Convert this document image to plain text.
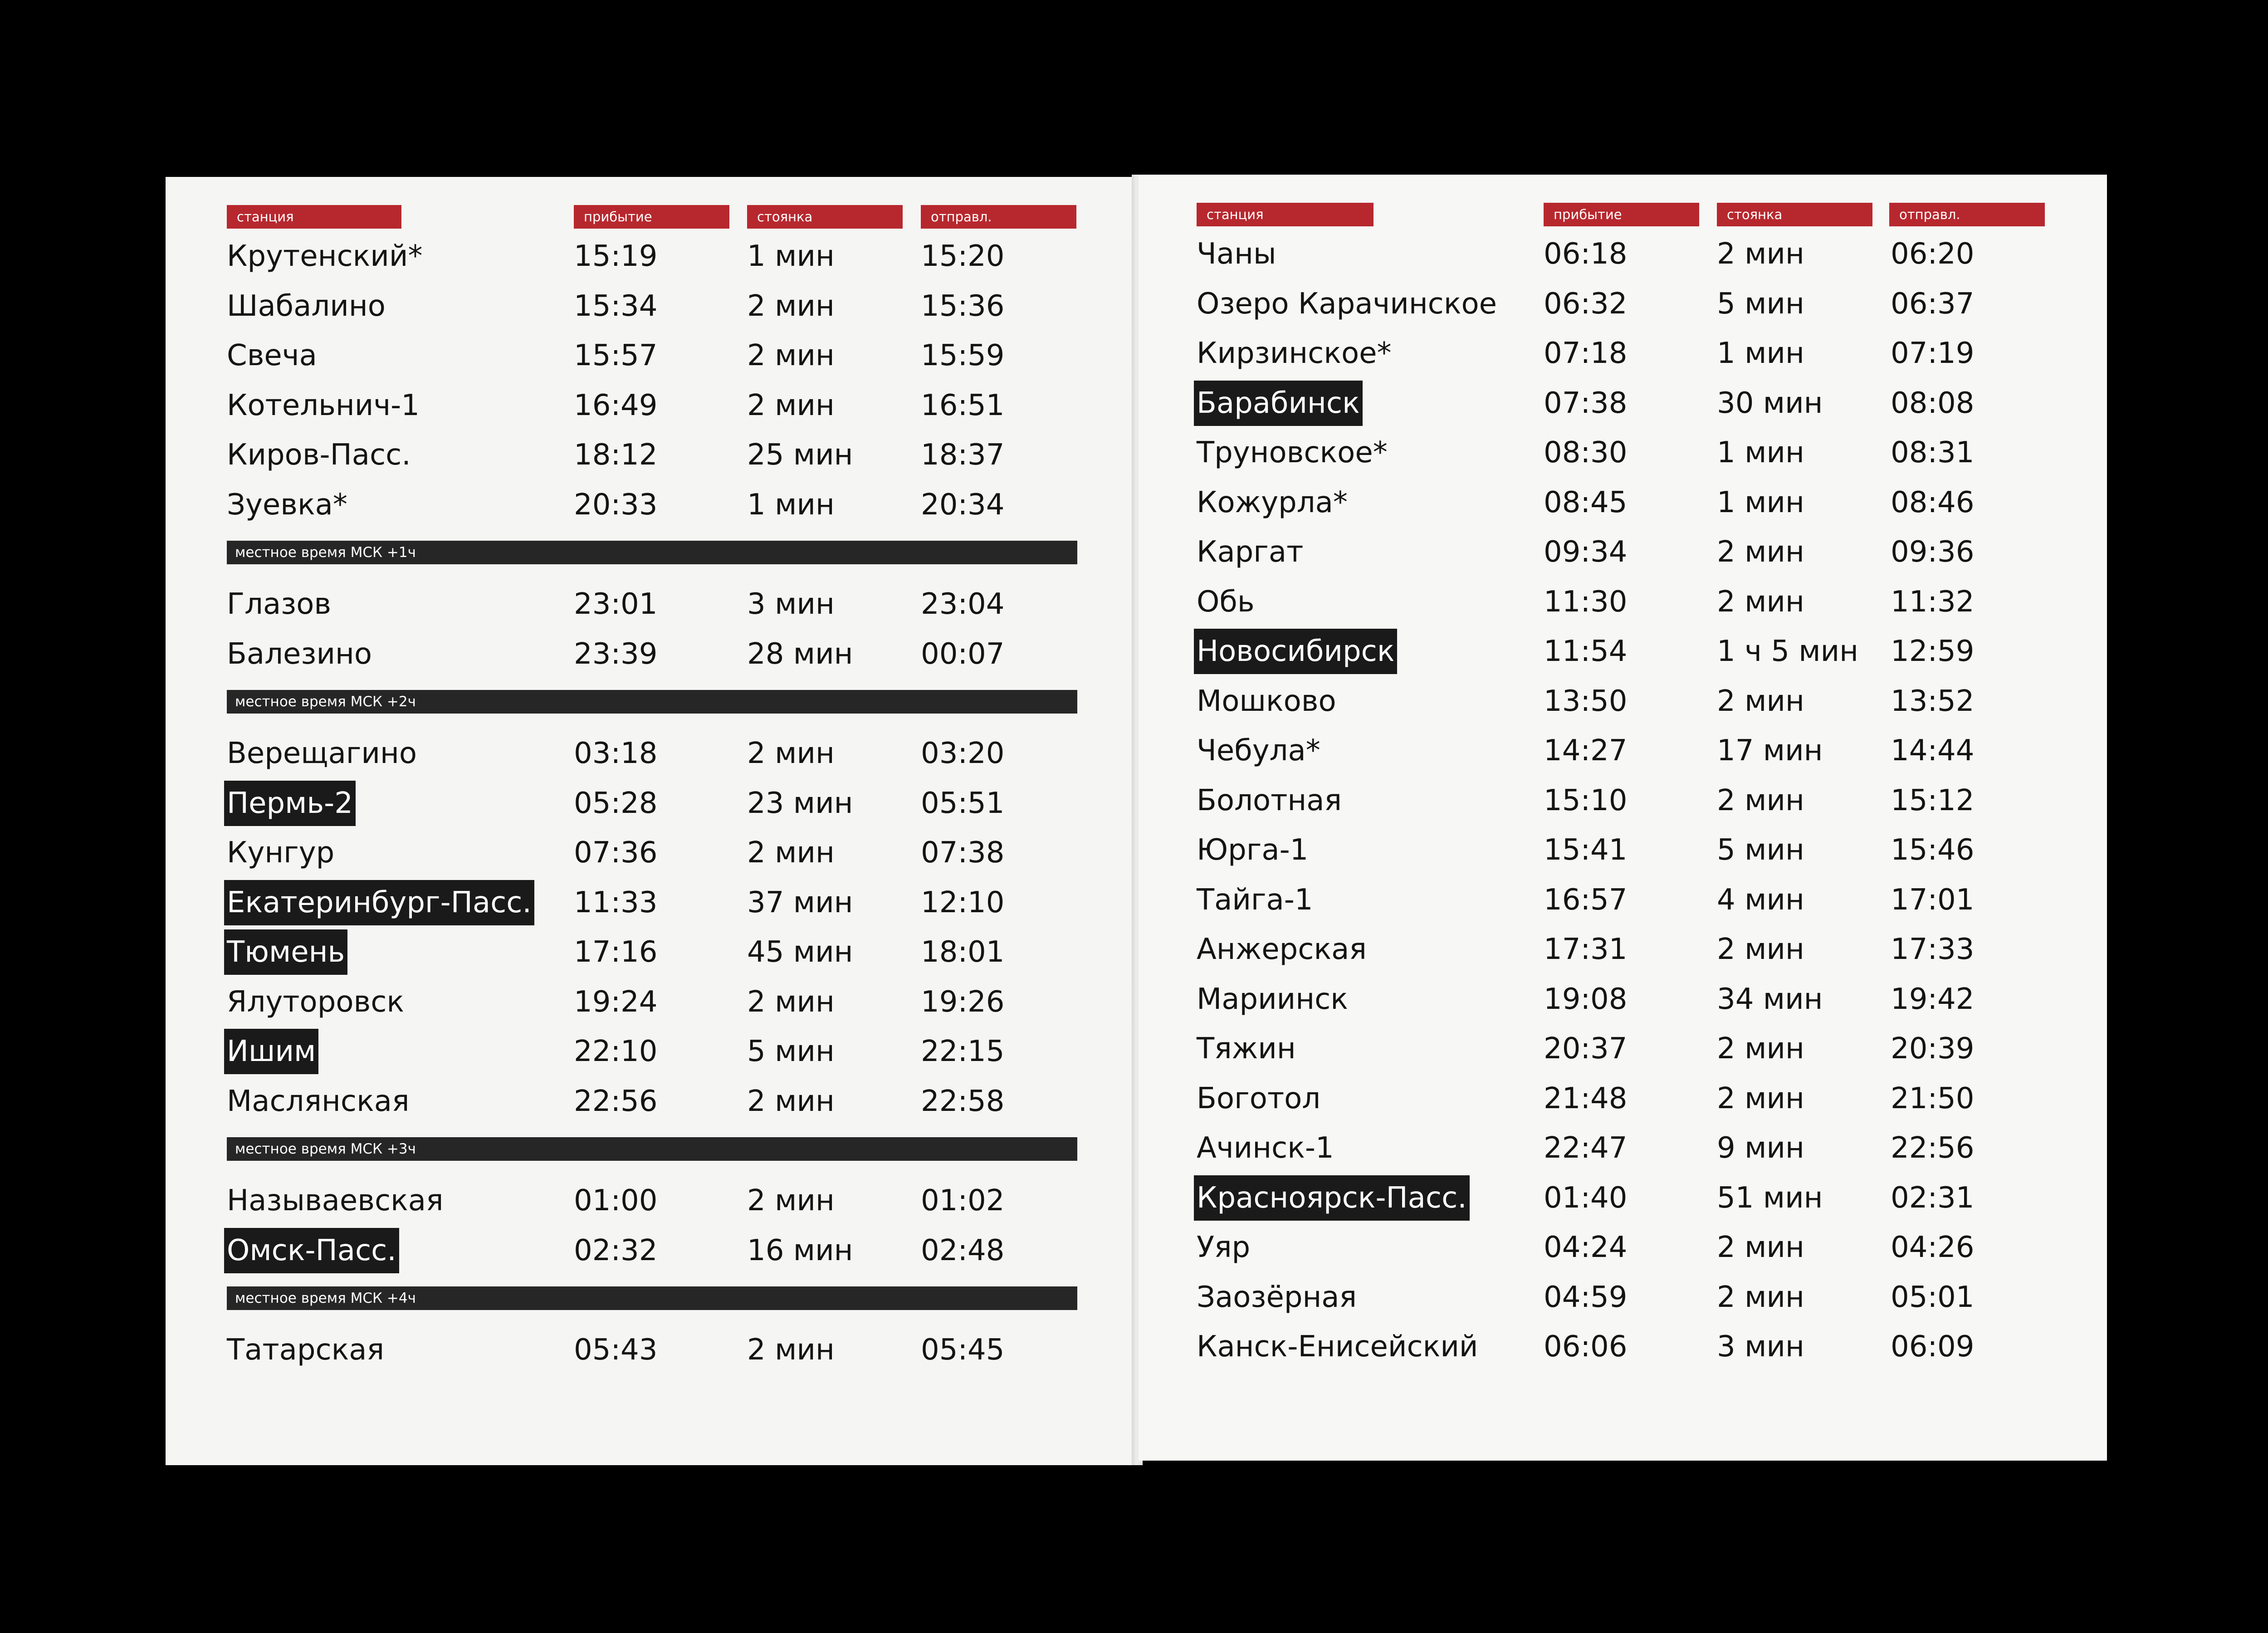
станция	прибытие	стоянка	отправл.
Крутенский*	15:19	1 мин	15:20
Шабалино	15:34	2 мин	15:36
Свеча	15:57	2 мин	15:59
Котельнич-1	16:49	2 мин	16:51
Киров-Пасс.	18:12	25 мин 18:37
Зуевка*	20:33	1 мин	20:34
местное время МСК +1ч
Глазов	23:01	3 мин	23:04
Балезино	23:39	28 мин 00:07
местное время МСК +2ч
Верещагино	03:18	2 мин	03:20
Пермь-2	05:28	23 мин 05:51
Кунгур	07:36	2 мин	07:38
Екатеринбург-Пасс. 11:33	37 мин 12:10
Тюмень	17:16	45 мин 18:01
Ялуторовск	19:24	2 мин	19:26
Ишим	22:10	5 мин	22:15
Маслянская	22:56	2 мин	22:58
местное время МСК +3ч
Называевская	01:00	2 мин	01:02
Омск-Пасс.	02:32	16 мин 02:48
местное время МСК +4ч
Татарская	05:43	2 мин	05:45
станция	прибытие	стоянка	отправл.
Чаны	06:18	2 мин	06:20
Озеро Карачинское 06:32	5 мин	06:37
Кирзинское*	07:18	1 мин	07:19
Барабинск	07:38	30 мин 08:08
Труновское*	08:30	1 мин	08:31
Кожурла*	08:45	1 мин	08:46
Каргат	09:34	2 мин	09:36
Обь	11:30	2 мин	11:32
Новосибирск	11:54	1 ч 5 мин 12:59
Мошково	13:50	2 мин	13:52
Чебула*	14:27	17 мин 14:44
Болотная	15:10	2 мин	15:12
Юрга-1	15:41	5 мин	15:46
Тайга-1	16:57	4 мин	17:01
Анжерская	17:31	2 мин	17:33
Мариинск	19:08	34 мин 19:42
Тяжин	20:37	2 мин	20:39
Боготол	21:48	2 мин	21:50
Ачинск-1	22:47	9 мин	22:56
Красноярск-Пасс.	01:40	51 мин 02:31
Уяр	04:24	2 мин	04:26
Заозёрная	04:59	2 мин	05:01
Канск-Енисейский 06:06	3 мин	06:09
